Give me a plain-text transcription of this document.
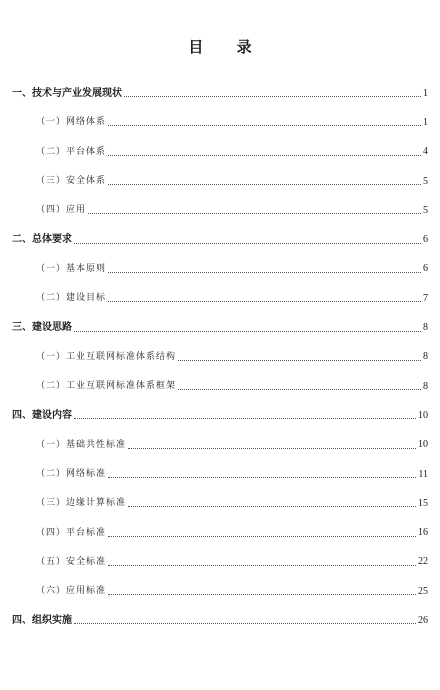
目 录
一、技术与产业发展现状	1
（一）网络体系	1
（二）平台体系	4
（三）安全体系	5
（四）应用	5
二、总体要求	6
（一）基本原则	6
（二）建设目标	7
三、建设思路	8
（一）工业互联网标准体系结构	8
（二）工业互联网标准体系框架	8
四、建设内容	10
（一）基础共性标准	10
（二）网络标准	11
（三）边缘计算标准	15
（四）平台标准	16
（五）安全标准	22
（六）应用标准	25
四、组织实施	26
